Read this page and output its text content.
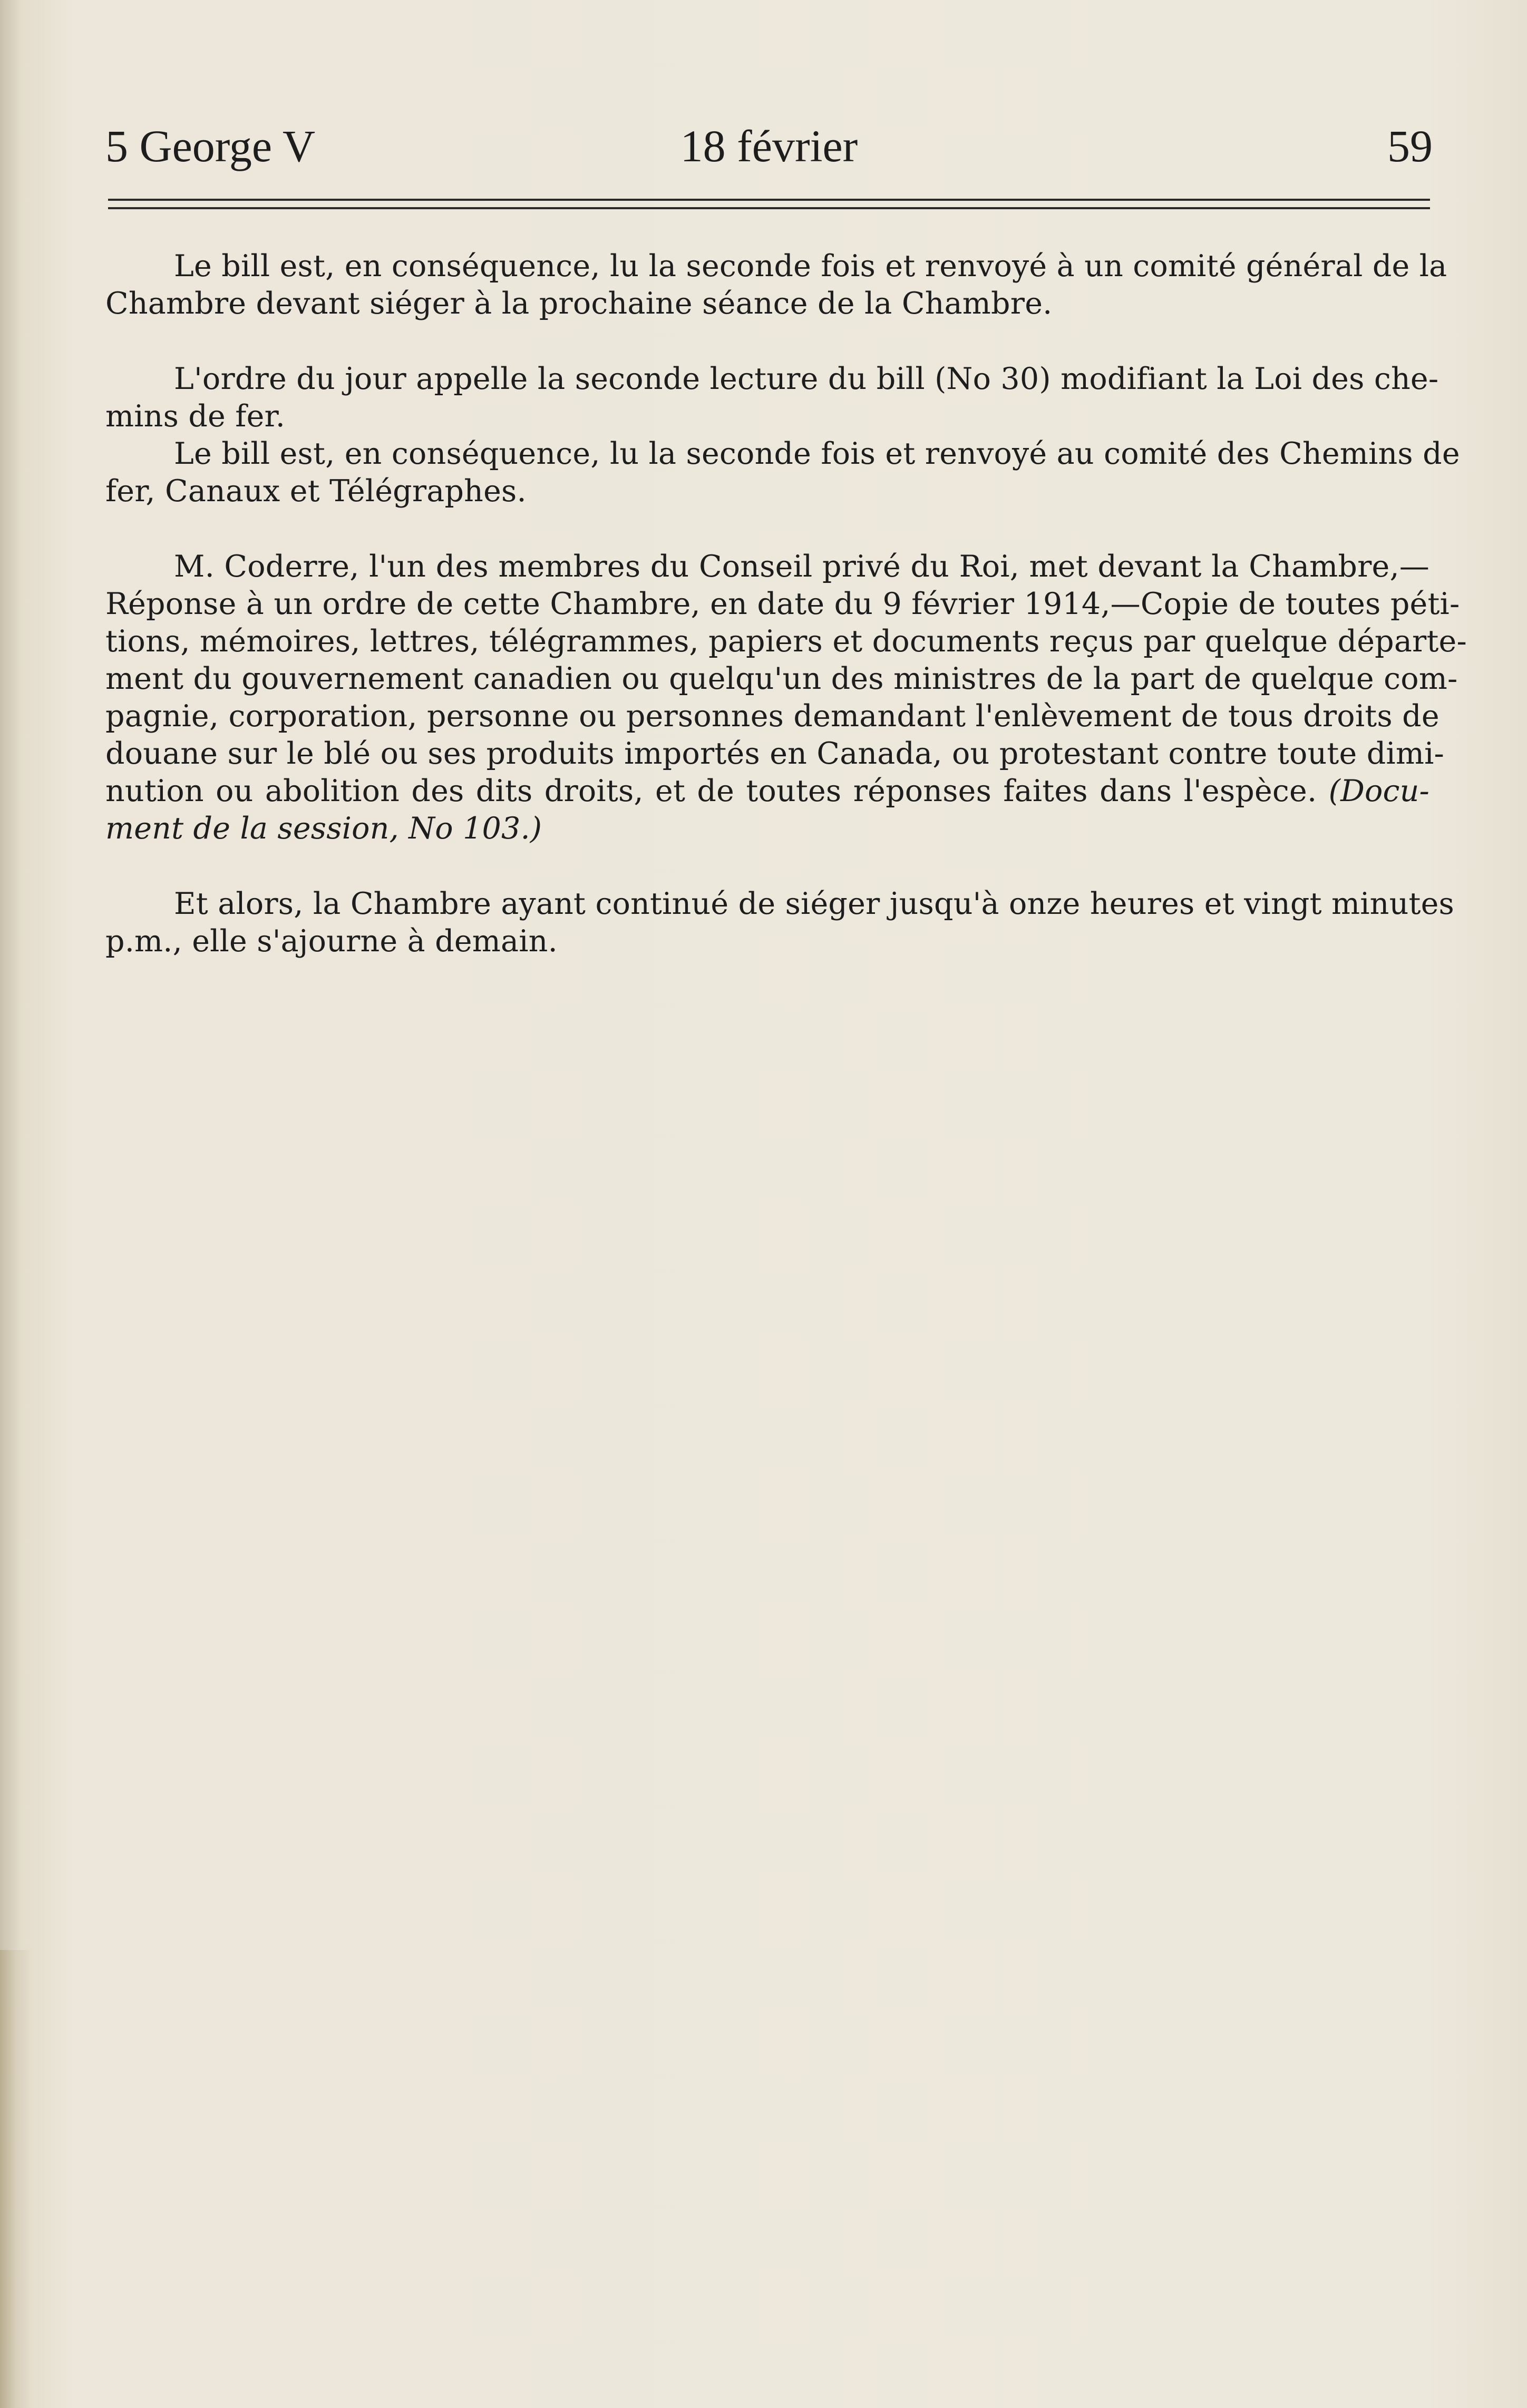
5 George V	18 février	59
Le bill est, en conséquence, lu la seconde fois et renvoyé à un comité général de la
Chambre devant siéger à la prochaine séance de la Chambre.
L'ordre du jour appelle la seconde lecture du bill (No 30) modifiant la Loi des che-
mins de fer.
Le bill est, en conséquence, lu la seconde fois et renvoyé au comité des Chemins de
fer, Canaux et Télégraphes.
M. Coderre, l'un des membres du Conseil privé du Roi, met devant la Chambre,—
Réponse à un ordre de cette Chambre, en date du 9 février 1914,—Copie de toutes péti-
tions, mémoires, lettres, télégrammes, papiers et documents reçus par quelque départe-
ment du gouvernement canadien ou quelqu'un des ministres de la part de quelque com-
pagnie, corporation, personne ou personnes demandant l'enlèvement de tous droits de
douane sur le blé ou ses produits importés en Canada, ou protestant contre toute dimi-
nution ou abolition des dits droits, et de toutes réponses faites dans l'espèce. (Docu-
ment de la session, No 103.)
Et alors, la Chambre ayant continué de siéger jusqu'à onze heures et vingt minutes
p.m., elle s'ajourne à demain.
